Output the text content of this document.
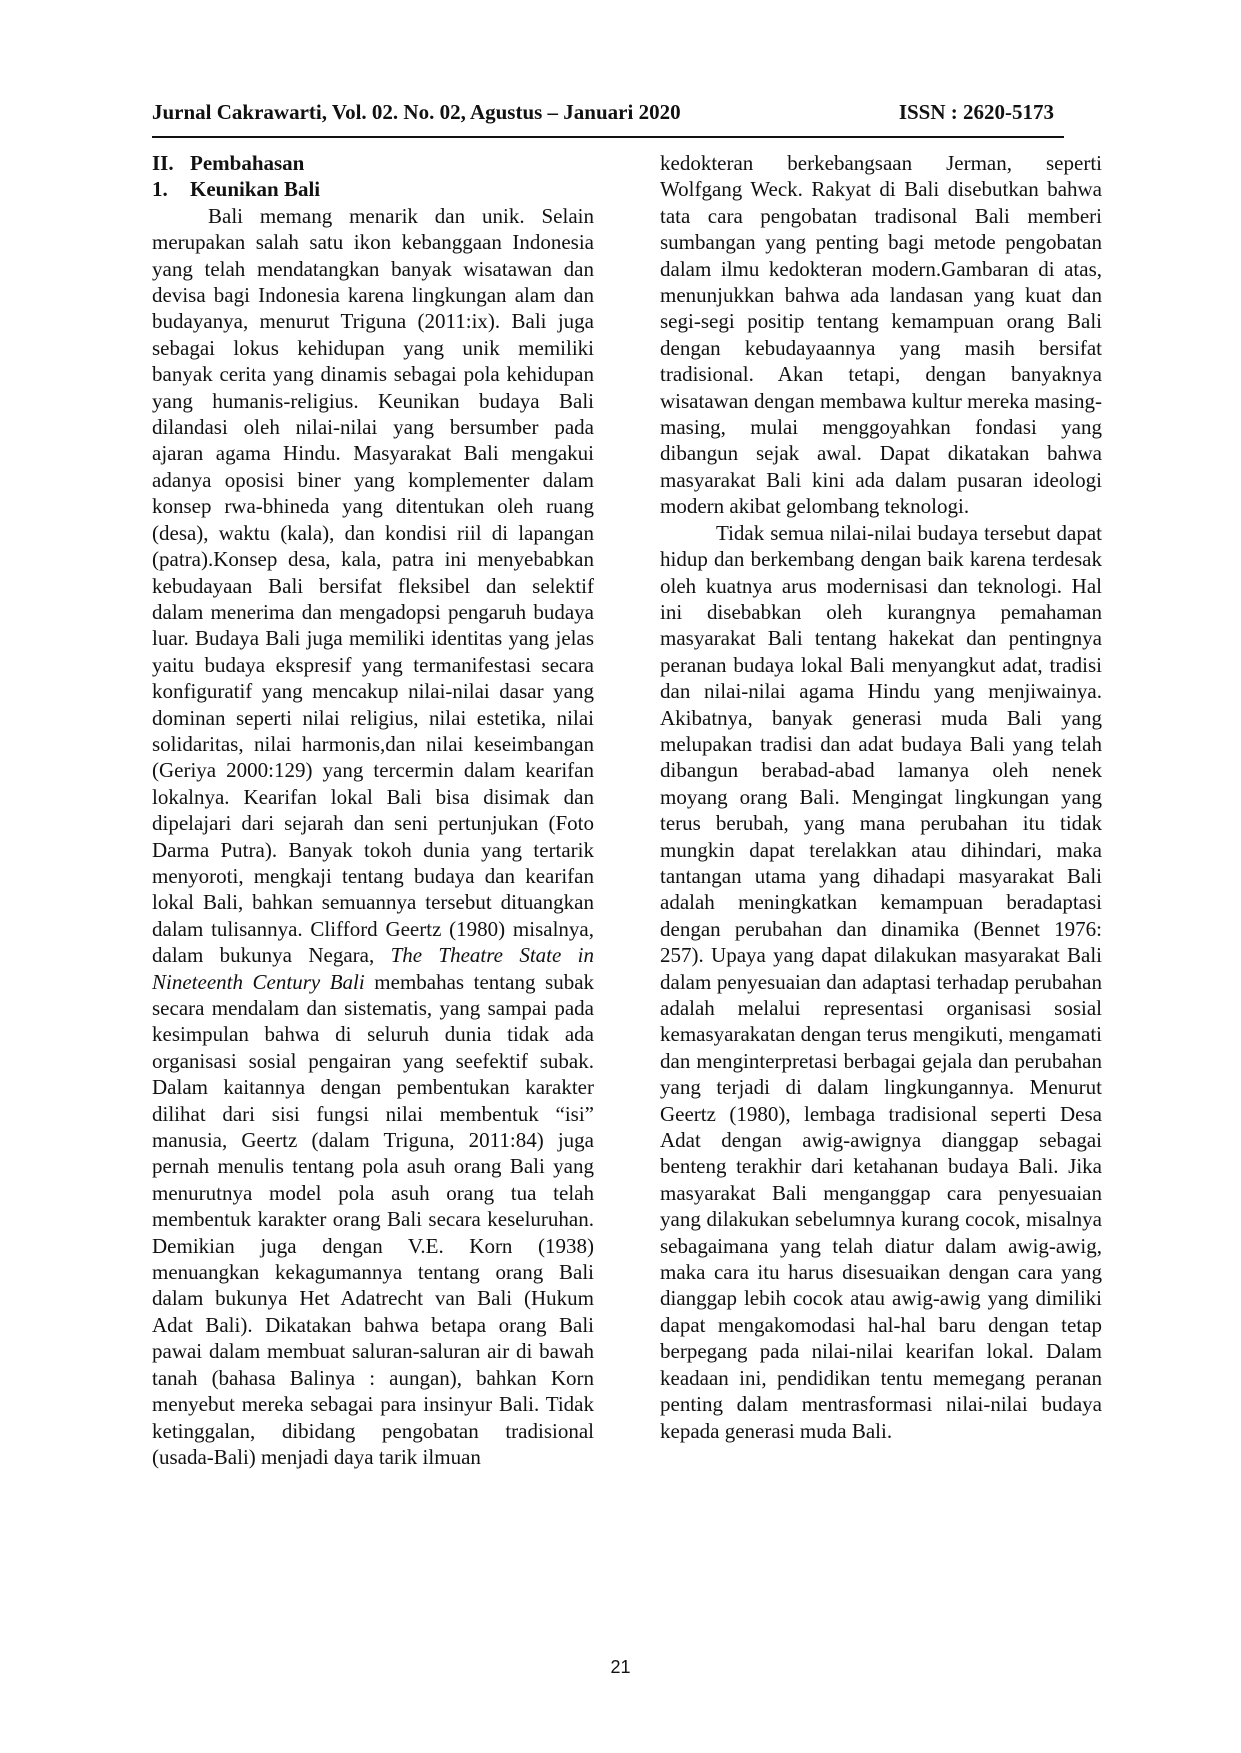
Jurnal Cakrawarti, Vol. 02. No. 02, Agustus – Januari 2020	ISSN : 2620-5173

II. Pembahasan

1. Keunikan Bali

Bali memang menarik dan unik. Selain merupakan salah satu ikon kebanggaan Indonesia yang telah mendatangkan banyak wisatawan dan devisa bagi Indonesia karena lingkungan alam dan budayanya, menurut Triguna (2011:ix). Bali juga sebagai lokus kehidupan yang unik memiliki banyak cerita yang dinamis sebagai pola kehidupan yang humanis-religius. Keunikan budaya Bali dilandasi oleh nilai-nilai yang bersumber pada ajaran agama Hindu. Masyarakat Bali mengakui adanya oposisi biner yang komplementer dalam konsep rwa-bhineda yang ditentukan oleh ruang (desa), waktu (kala), dan kondisi riil di lapangan (patra).Konsep desa, kala, patra ini menyebabkan kebudayaan Bali bersifat fleksibel dan selektif dalam menerima dan mengadopsi pengaruh budaya luar. Budaya Bali juga memiliki identitas yang jelas yaitu budaya ekspresif yang termanifestasi secara konfiguratif yang mencakup nilai-nilai dasar yang dominan seperti nilai religius, nilai estetika, nilai solidaritas, nilai harmonis,dan nilai keseimbangan (Geriya 2000:129) yang tercermin dalam kearifan lokalnya. Kearifan lokal Bali bisa disimak dan dipelajari dari sejarah dan seni pertunjukan (Foto Darma Putra). Banyak tokoh dunia yang tertarik menyoroti, mengkaji tentang budaya dan kearifan lokal Bali, bahkan semuannya tersebut dituangkan dalam tulisannya. Clifford Geertz (1980) misalnya, dalam bukunya Negara, The Theatre State in Nineteenth Century Bali membahas tentang subak secara mendalam dan sistematis, yang sampai pada kesimpulan bahwa di seluruh dunia tidak ada organisasi sosial pengairan yang seefektif subak. Dalam kaitannya dengan pembentukan karakter dilihat dari sisi fungsi nilai membentuk “isi” manusia, Geertz (dalam Triguna, 2011:84) juga pernah menulis tentang pola asuh orang Bali yang menurutnya model pola asuh orang tua telah membentuk karakter orang Bali secara keseluruhan. Demikian juga dengan V.E. Korn (1938) menuangkan kekagumannya tentang orang Bali dalam bukunya Het Adatrecht van Bali (Hukum Adat Bali). Dikatakan bahwa betapa orang Bali pawai dalam membuat saluran-saluran air di bawah tanah (bahasa Balinya : aungan), bahkan Korn menyebut mereka sebagai para insinyur Bali. Tidak ketinggalan, dibidang pengobatan tradisional (usada-Bali) menjadi daya tarik ilmuan

kedokteran berkebangsaan Jerman, seperti Wolfgang Weck. Rakyat di Bali disebutkan bahwa tata cara pengobatan tradisonal Bali memberi sumbangan yang penting bagi metode pengobatan dalam ilmu kedokteran modern.Gambaran di atas, menunjukkan bahwa ada landasan yang kuat dan segi-segi positip tentang kemampuan orang Bali dengan kebudayaannya yang masih bersifat tradisional. Akan tetapi, dengan banyaknya wisatawan dengan membawa kultur mereka masing-masing, mulai menggoyahkan fondasi yang dibangun sejak awal. Dapat dikatakan bahwa masyarakat Bali kini ada dalam pusaran ideologi modern akibat gelombang teknologi.

Tidak semua nilai-nilai budaya tersebut dapat hidup dan berkembang dengan baik karena terdesak oleh kuatnya arus modernisasi dan teknologi. Hal ini disebabkan oleh kurangnya pemahaman masyarakat Bali tentang hakekat dan pentingnya peranan budaya lokal Bali menyangkut adat, tradisi dan nilai-nilai agama Hindu yang menjiwainya. Akibatnya, banyak generasi muda Bali yang melupakan tradisi dan adat budaya Bali yang telah dibangun berabad-abad lamanya oleh nenek moyang orang Bali. Mengingat lingkungan yang terus berubah, yang mana perubahan itu tidak mungkin dapat terelakkan atau dihindari, maka tantangan utama yang dihadapi masyarakat Bali adalah meningkatkan kemampuan beradaptasi dengan perubahan dan dinamika (Bennet 1976: 257). Upaya yang dapat dilakukan masyarakat Bali dalam penyesuaian dan adaptasi terhadap perubahan adalah melalui representasi organisasi sosial kemasyarakatan dengan terus mengikuti, mengamati dan menginterpretasi berbagai gejala dan perubahan yang terjadi di dalam lingkungannya. Menurut Geertz (1980), lembaga tradisional seperti Desa Adat dengan awig-awignya dianggap sebagai benteng terakhir dari ketahanan budaya Bali. Jika masyarakat Bali menganggap cara penyesuaian yang dilakukan sebelumnya kurang cocok, misalnya sebagaimana yang telah diatur dalam awig-awig, maka cara itu harus disesuaikan dengan cara yang dianggap lebih cocok atau awig-awig yang dimiliki dapat mengakomodasi hal-hal baru dengan tetap berpegang pada nilai-nilai kearifan lokal. Dalam keadaan ini, pendidikan tentu memegang peranan penting dalam mentrasformasi nilai-nilai budaya kepada generasi muda Bali.

21
